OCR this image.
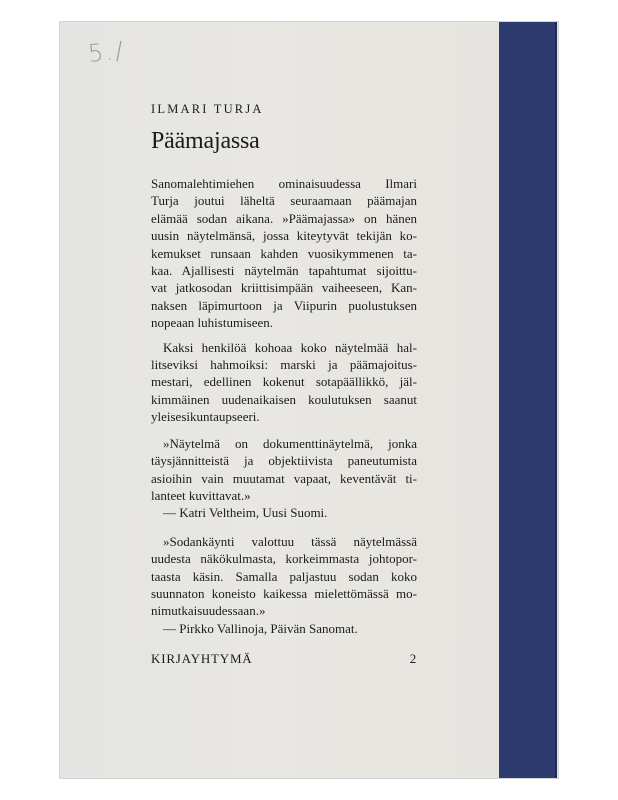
5./
ILMARI TURJA
Päämajassa
Sanomalehtimiehen ominaisuudessa Ilmari
Turja joutui läheltä seuraamaan päämajan
elämää sodan aikana. »Päämajassa» on hänen
uusin näytelmänsä, jossa kiteytyvät tekijän ko-
kemukset runsaan kahden vuosikymmenen ta-
kaa. Ajallisesti näytelmän tapahtumat sijoittu-
vat jatkosodan kriittisimpään vaiheeseen, Kan-
naksen läpimurtoon ja Viipurin puolustuksen
nopeaan luhistumiseen.
Kaksi henkilöä kohoaa koko näytelmää hal-
litseviksi hahmoiksi: marski ja päämajoitus-
mestari, edellinen kokenut sotapäällikkö, jäl-
kimmäinen uudenaikaisen koulutuksen saanut
yleisesikuntaupseeri.
»Näytelmä on dokumenttinäytelmä, jonka
täysjännitteistä ja objektiivista paneutumista
asioihin vain muutamat vapaat, keventävät ti-
lanteet kuvittavat.»
— Katri Veltheim, Uusi Suomi.
»Sodankäynti valottuu tässä näytelmässä
uudesta näkökulmasta, korkeimmasta johtopor-
taasta käsin. Samalla paljastuu sodan koko
suunnaton koneisto kaikessa mielettömässä mo-
nimutkaisuudessaan.»
— Pirkko Vallinoja, Päivän Sanomat.
KIRJAYHTYMÄ	2
